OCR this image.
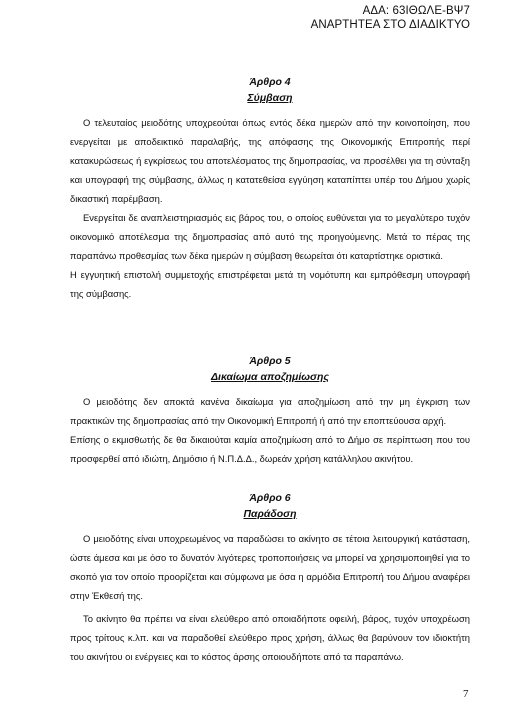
ΑΔΑ: 63ΙΘΩΛΕ-ΒΨ7
ΑΝΑΡΤΗΤΕΑ ΣΤΟ ΔΙΑΔΙΚΤΥΟ

Άρθρο 4

Σύμβαση

Ο τελευταίος μειοδότης υποχρεούται όπως εντός δέκα ημερών από την κοινοποίηση, που ενεργείται με αποδεικτικό παραλαβής, της απόφασης της Οικονομικής Επιτροπής περί κατακυρώσεως ή εγκρίσεως του αποτελέσματος της δημοπρασίας, να προσέλθει για τη σύνταξη και υπογραφή της σύμβασης, άλλως η κατατεθείσα εγγύηση καταπίπτει υπέρ του Δήμου χωρίς δικαστική παρέμβαση.

Ενεργείται δε αναπλειστηριασμός εις βάρος του, ο οποίος ευθύνεται για το μεγαλύτερο τυχόν οικονομικό αποτέλεσμα της δημοπρασίας από αυτό της προηγούμενης. Μετά το πέρας της παραπάνω προθεσμίας των δέκα ημερών η σύμβαση θεωρείται ότι καταρτίστηκε οριστικά.

Η εγγυητική επιστολή συμμετοχής επιστρέφεται μετά τη νομότυπη και εμπρόθεσμη υπογραφή της σύμβασης.

Άρθρο 5

Δικαίωμα αποζημίωσης

Ο μειοδότης δεν αποκτά κανένα δικαίωμα για αποζημίωση από την μη έγκριση των πρακτικών της δημοπρασίας από την Οικονομική Επιτροπή ή από την εποπτεύουσα αρχή.

Επίσης ο εκμισθωτής δε θα δικαιούται καμία αποζημίωση από το Δήμο σε περίπτωση που του προσφερθεί από ιδιώτη, Δημόσιο ή Ν.Π.Δ.Δ., δωρεάν χρήση κατάλληλου ακινήτου.

Άρθρο 6

Παράδοση

Ο μειοδότης είναι υποχρεωμένος να παραδώσει το ακίνητο σε τέτοια λειτουργική κατάσταση, ώστε άμεσα και με όσο το δυνατόν λιγότερες τροποποιήσεις να μπορεί να χρησιμοποιηθεί για το σκοπό για τον οποίο προορίζεται και σύμφωνα με όσα η αρμόδια Επιτροπή του Δήμου αναφέρει στην Έκθεσή της.

Το ακίνητο θα πρέπει να είναι ελεύθερο από οποιαδήποτε οφειλή, βάρος, τυχόν υποχρέωση προς τρίτους κ.λπ. και να παραδοθεί ελεύθερο προς χρήση, άλλως θα βαρύνουν τον ιδιοκτήτη του ακινήτου οι ενέργειες και το κόστος άρσης οποιουδήποτε από τα παραπάνω.

7
